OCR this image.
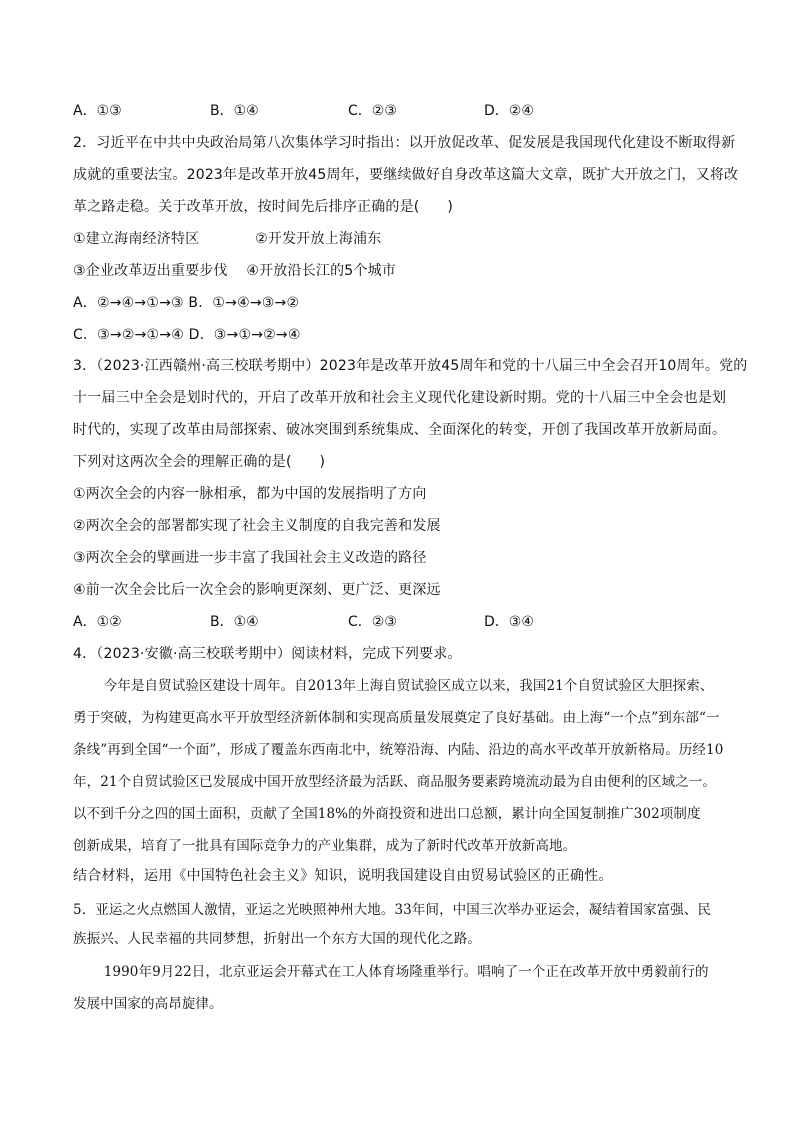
A．①③	B．①④	C．②③	D．②④
2．习近平在中共中央政治局第八次集体学习时指出：以开放促改革、促发展是我国现代化建设不断取得新
成就的重要法宝。2023年是改革开放45周年，要继续做好自身改革这篇大文章，既扩大开放之门，又将改
革之路走稳。关于改革开放，按时间先后排序正确的是(      )
①建立海南经济特区            ②开发开放上海浦东
③企业改革迈出重要步伐    ④开放沿长江的5个城市
A．②→④→①→③ B．①→④→③→②
C．③→②→①→④ D．③→①→②→④
3．（2023·江西赣州·高三校联考期中）2023年是改革开放45周年和党的十八届三中全会召开10周年。党的
十一届三中全会是划时代的，开启了改革开放和社会主义现代化建设新时期。党的十八届三中全会也是划
时代的，实现了改革由局部探索、破冰突围到系统集成、全面深化的转变，开创了我国改革开放新局面。
下列对这两次全会的理解正确的是(      )
①两次全会的内容一脉相承，都为中国的发展指明了方向
②两次全会的部署都实现了社会主义制度的自我完善和发展
③两次全会的擘画进一步丰富了我国社会主义改造的路径
④前一次全会比后一次全会的影响更深刻、更广泛、更深远
A．①②	B．①④	C．②③	D．③④
4．（2023·安徽·高三校联考期中）阅读材料，完成下列要求。
今年是自贸试验区建设十周年。自2013年上海自贸试验区成立以来，我国21个自贸试验区大胆探索、
勇于突破，为构建更高水平开放型经济新体制和实现高质量发展奠定了良好基础。由上海“一个点”到东部“一
条线”再到全国“一个面”，形成了覆盖东西南北中，统筹沿海、内陆、沿边的高水平改革开放新格局。历经10
年，21个自贸试验区已发展成中国开放型经济最为活跃、商品服务要素跨境流动最为自由便利的区域之一。
以不到千分之四的国土面积，贡献了全国18%的外商投资和进出口总额，累计向全国复制推广302项制度
创新成果，培育了一批具有国际竞争力的产业集群，成为了新时代改革开放新高地。
结合材料，运用《中国特色社会主义》知识，说明我国建设自由贸易试验区的正确性。
5．亚运之火点燃国人激情，亚运之光映照神州大地。33年间，中国三次举办亚运会，凝结着国家富强、民
族振兴、人民幸福的共同梦想，折射出一个东方大国的现代化之路。
1990年9月22日，北京亚运会开幕式在工人体育场隆重举行。唱响了一个正在改革开放中勇毅前行的
发展中国家的高昂旋律。
